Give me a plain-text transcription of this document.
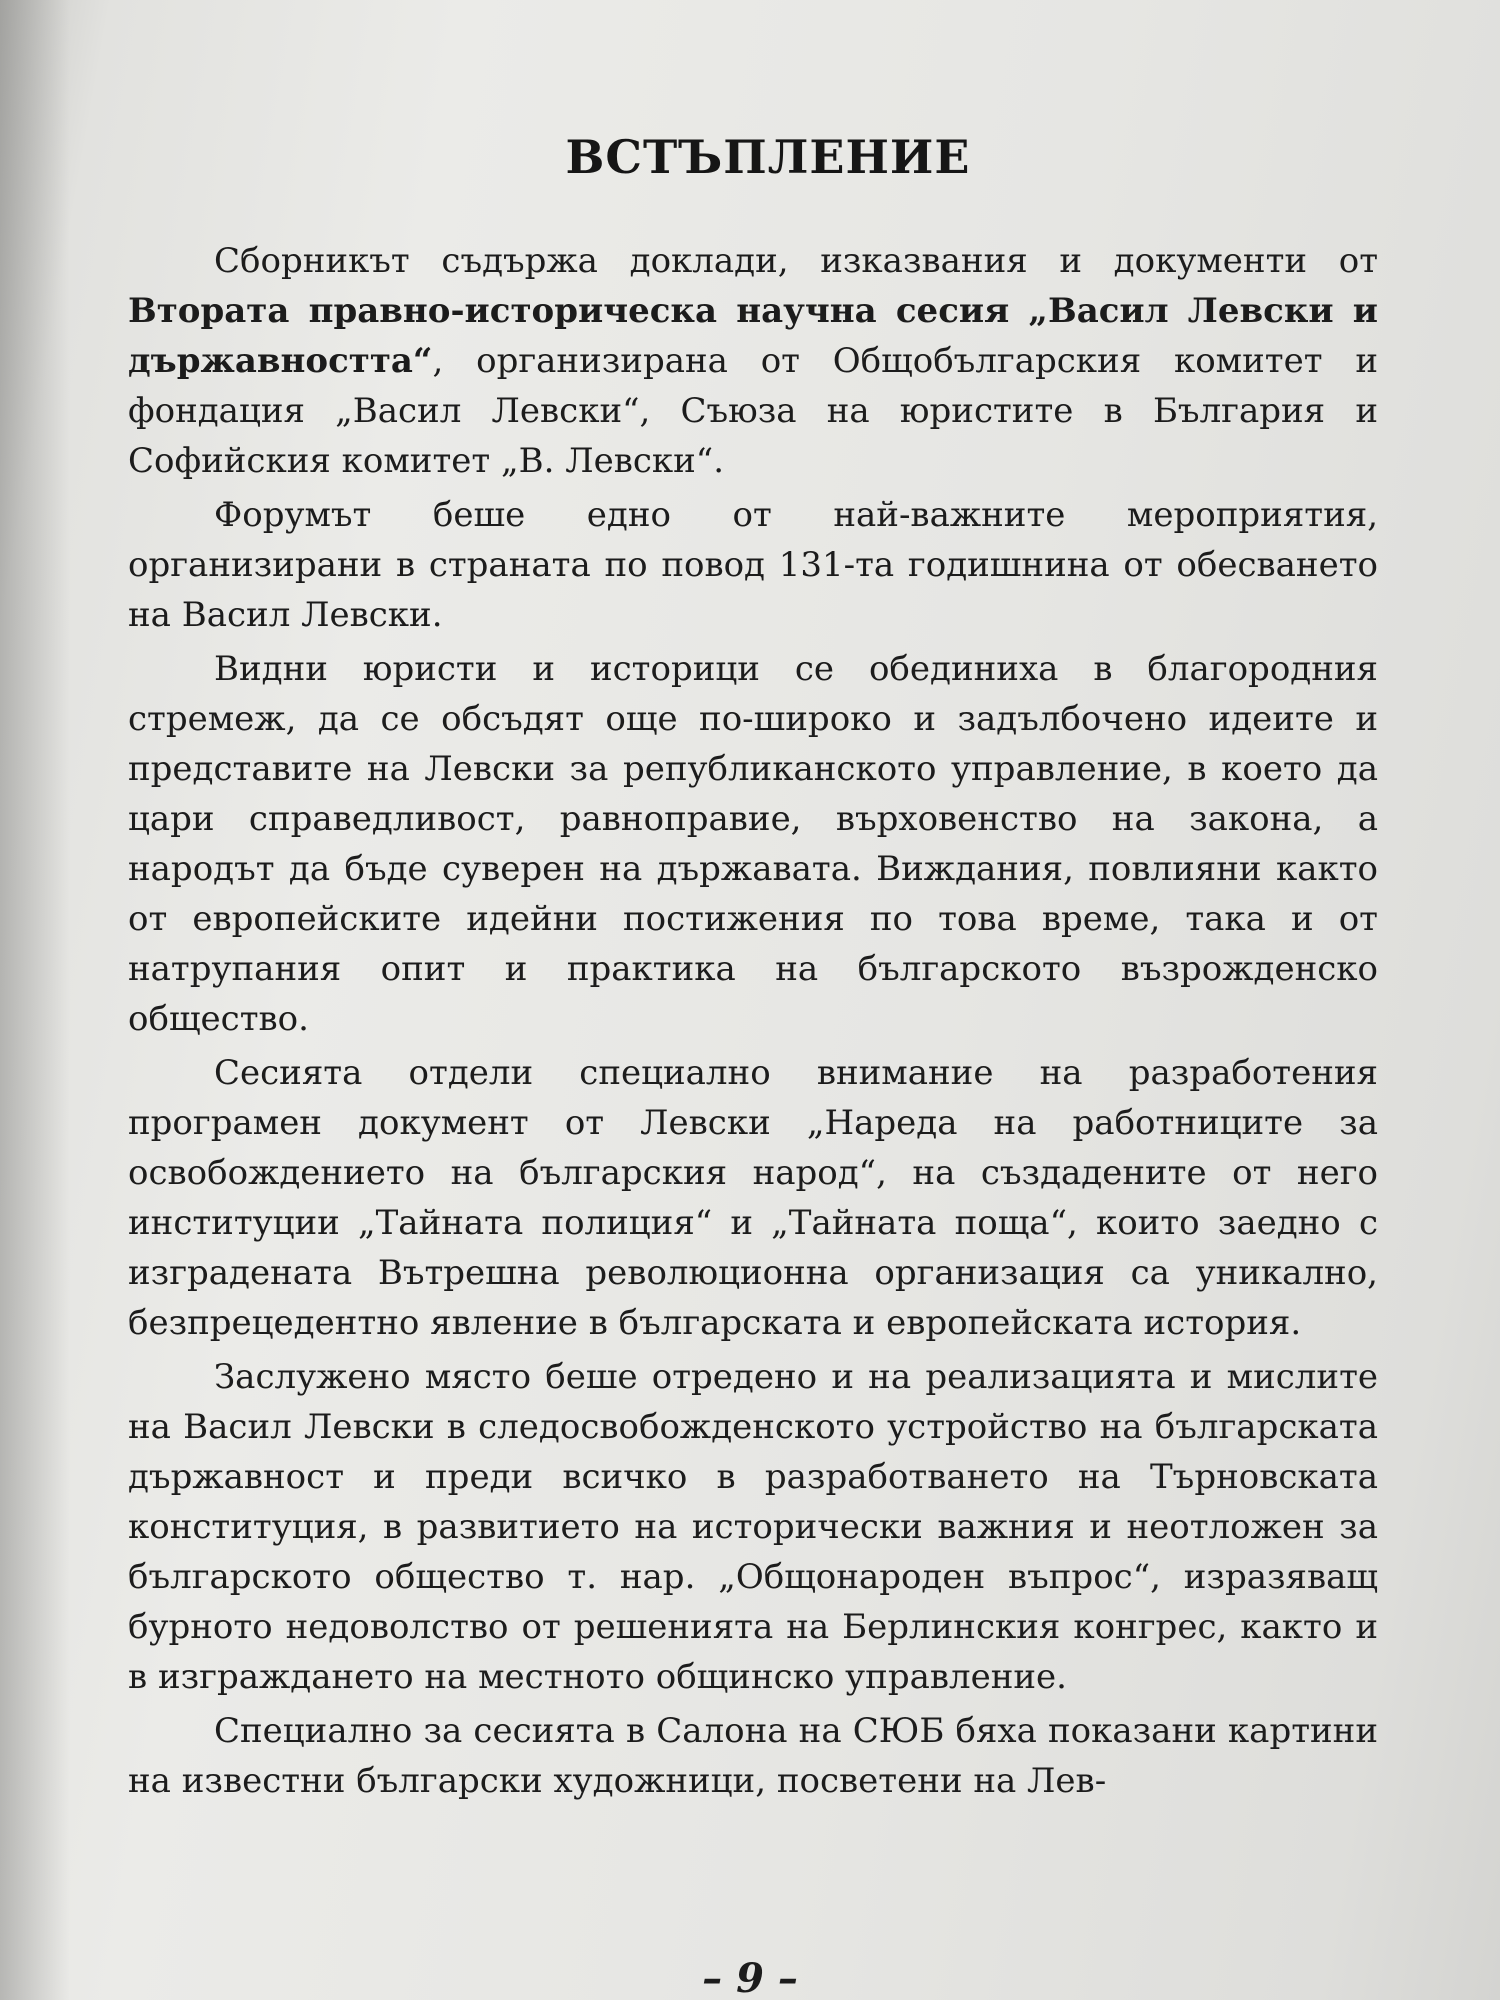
ВСТЪПЛЕНИЕ

Сборникът съдържа доклади, изказвания и документи от Втората правно-историческа научна сесия „Васил Левски и държавността“, организирана от Общобългарския комитет и фондация „Васил Левски“, Съюза на юристите в България и Софийския комитет „В. Левски“.

Форумът беше едно от най-важните мероприятия, организирани в страната по повод 131-та годишнина от обесването на Васил Левски.

Видни юристи и историци се обединиха в благородния стремеж, да се обсъдят още по-широко и задълбочено идеите и представите на Левски за републиканското управление, в което да цари справедливост, равноправие, върховенство на закона, а народът да бъде суверен на държавата. Виждания, повлияни както от европейските идейни постижения по това време, така и от натрупания опит и практика на българското възрожденско общество.

Сесията отдели специално внимание на разработения програмен документ от Левски „Нареда на работниците за освобождението на българския народ“, на създадените от него институции „Тайната полиция“ и „Тайната поща“, които заедно с изградената Вътрешна революционна организация са уникално, безпрецедентно явление в българската и европейската история.

Заслужено място беше отредено и на реализацията и мислите на Васил Левски в следосвобожденското устройство на българската държавност и преди всичко в разработването на Търновската конституция, в развитието на исторически важния и неотложен за българското общество т. нар. „Общонароден въпрос“, изразяващ бурното недоволство от решенията на Берлинския конгрес, както и в изграждането на местното общинско управление.

Специално за сесията в Салона на СЮБ бяха показани картини на известни български художници, посветени на Лев-

– 9 –
